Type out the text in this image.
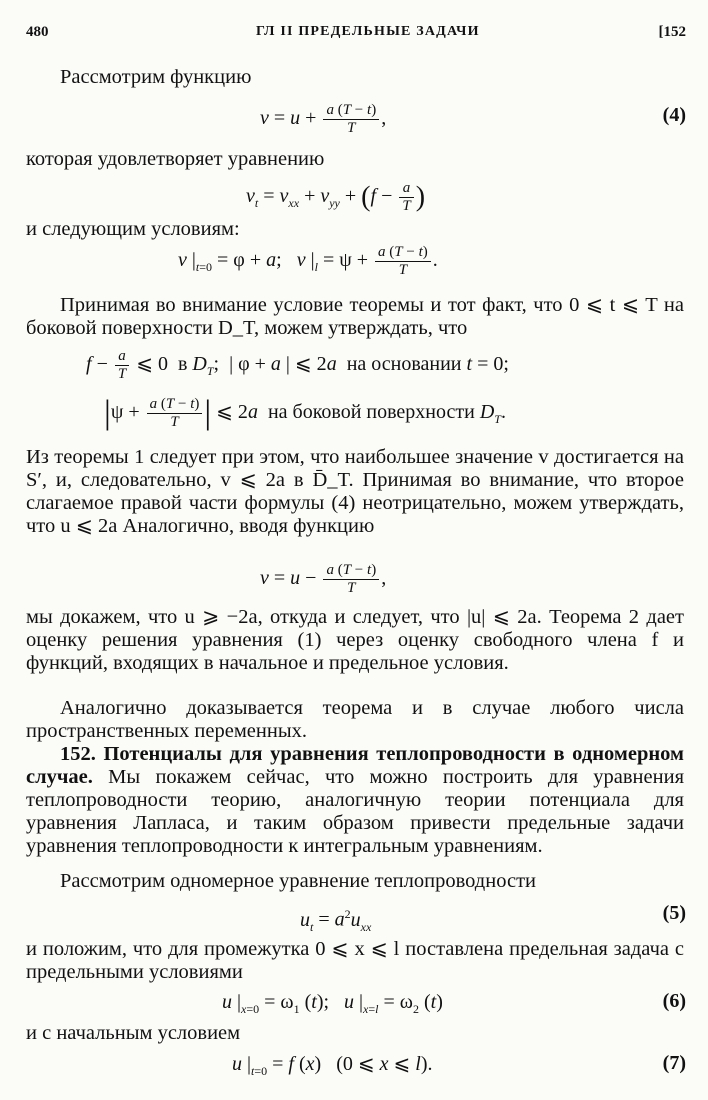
480	ГЛ II ПРЕДЕЛЬНЫЕ ЗАДАЧИ	[152
Рассмотрим функцию
$v = u + \frac{a (T - t)}{T}$ ,	(4)
которая удовлетворяет уравнению
$v_t = v_{xx} + v_{yy} + (f - \frac{a}{T}$ )
и следующим условиям:
v $|_{t=0} = \varphi + a$;   v $|_l = \psi + \frac{a (T - t)}{T}$ .
Принимая во внимание условие теоремы и тот факт, что 0 ⩽ t ⩽ T на боковой поверхности D_T, можем утверждать, что
$f - \frac{a}{T}$ ⩽ 0  в $D_T$;  | φ + a | ⩽ 2a  на основании t = 0;
$|\psi + \frac{a (T - t)}{T}$ | ⩽ 2a  на боковой поверхности $D_T$.
Из теоремы 1 следует при этом, что наибольшее значение v достигается на S′, и, следовательно, v ⩽ 2a в D̄_T. Принимая во внимание, что второе слагаемое правой части формулы (4) неотрицательно, можем утверждать, что u ⩽ 2a Аналогично, вводя функцию
$v = u - \frac{a (T - t)}{T}$ ,
мы докажем, что u ⩾ −2a, откуда и следует, что |u| ⩽ 2a. Теорема 2 дает оценку решения уравнения (1) через оценку свободного члена f и функций, входящих в начальное и предельное условия.
Аналогично доказывается теорема и в случае любого числа пространственных переменных.
152. Потенциалы для уравнения теплопроводности в одномерном случае. Мы покажем сейчас, что можно построить для уравнения теплопроводности теорию, аналогичную теории потенциала для уравнения Лапласа, и таким образом привести предельные задачи уравнения теплопроводности к интегральным уравнениям.
Рассмотрим одномерное уравнение теплопроводности
$u_t = a^2u_{xx}$
(5)
и положим, что для промежутка 0 ⩽ x ⩽ l поставлена предельная задача с предельными условиями
u $|_{x=0} = \omega_1$ (t);   u $|_{x=l} = \omega_2$ (t)	(6)
и с начальным условием
u $|_{t=0} = f$ (x)   (0 ⩽ x ⩽ l).	(7)
